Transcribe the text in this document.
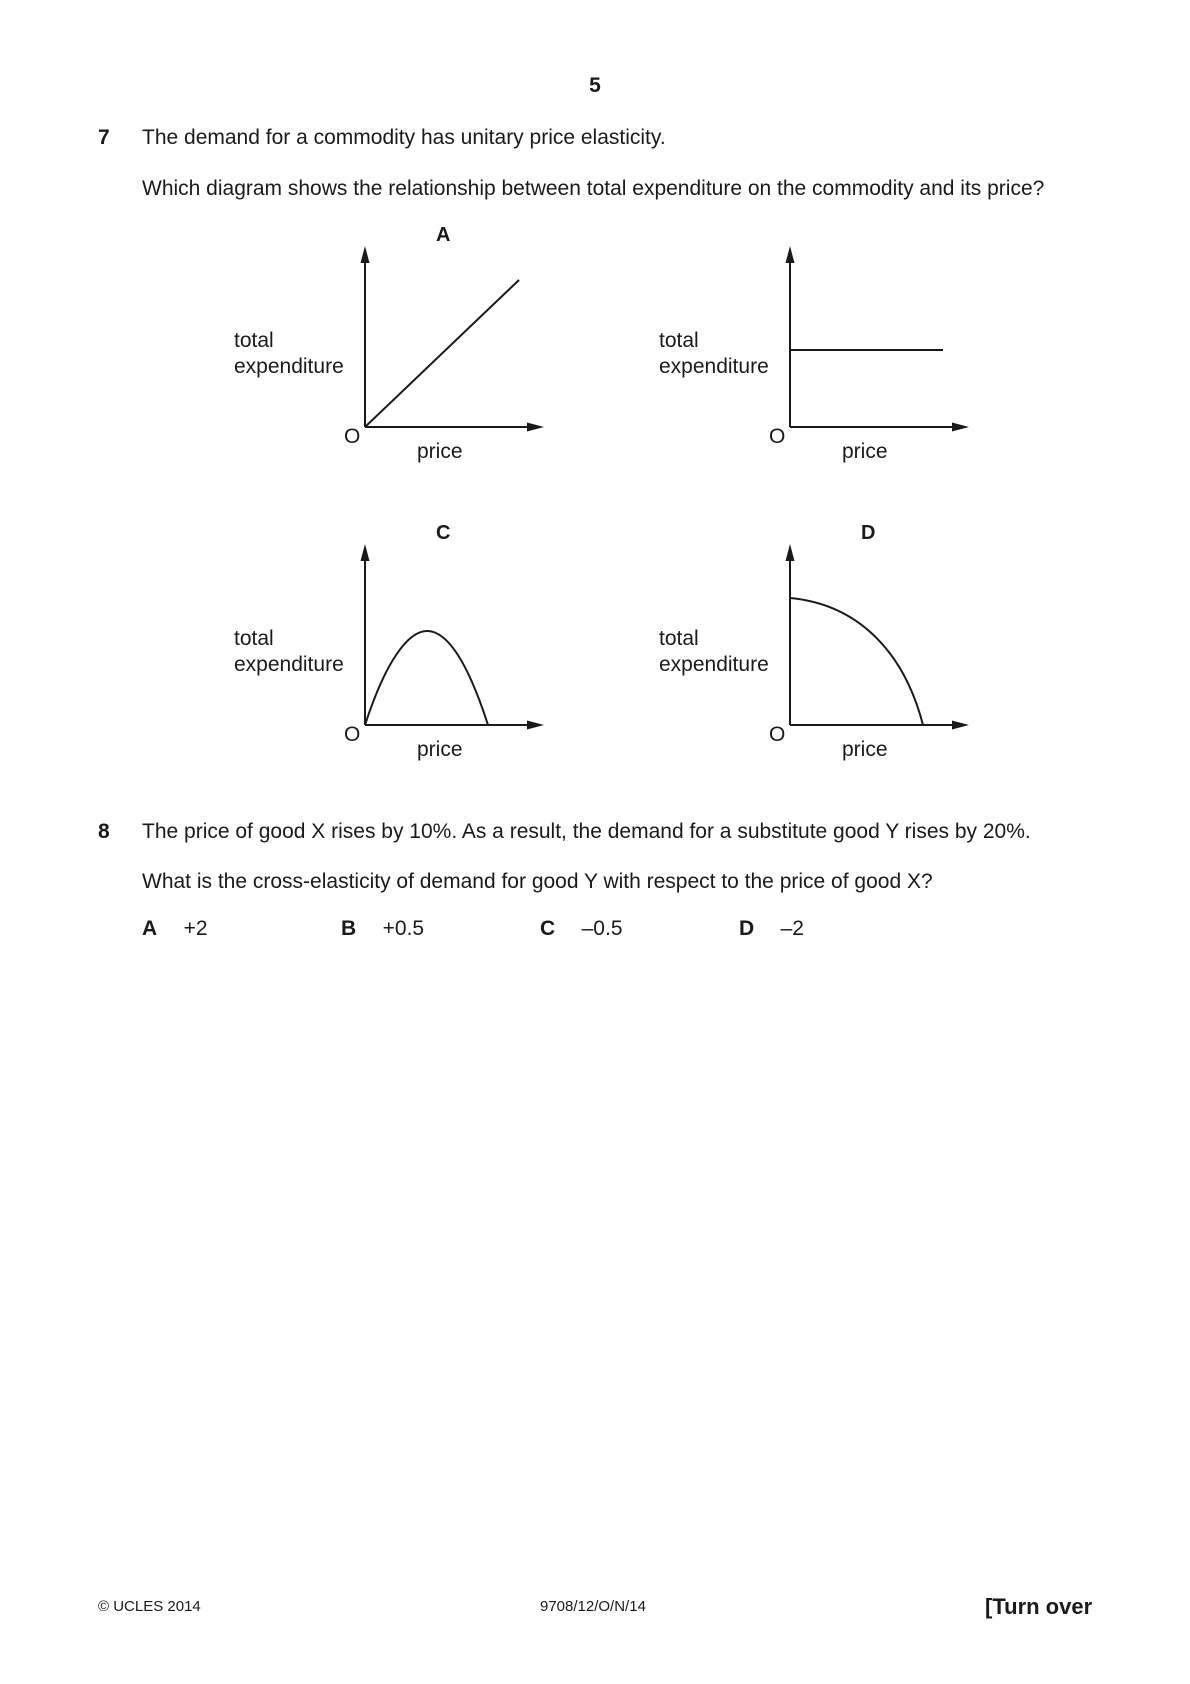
5
7 The demand for a commodity has unitary price elasticity.
Which diagram shows the relationship between total expenditure on the commodity and its price?
A
total
expenditure
O
price
total
expenditure
O
price
C
total
expenditure
O
price
D
total
expenditure
O
price
8 The price of good X rises by 10%. As a result, the demand for a substitute good Y rises by 20%.
What is the cross-elasticity of demand for good Y with respect to the price of good X?
A +2	B +0.5	C –0.5	D –2
© UCLES 2014	9708/12/O/N/14	[Turn over
